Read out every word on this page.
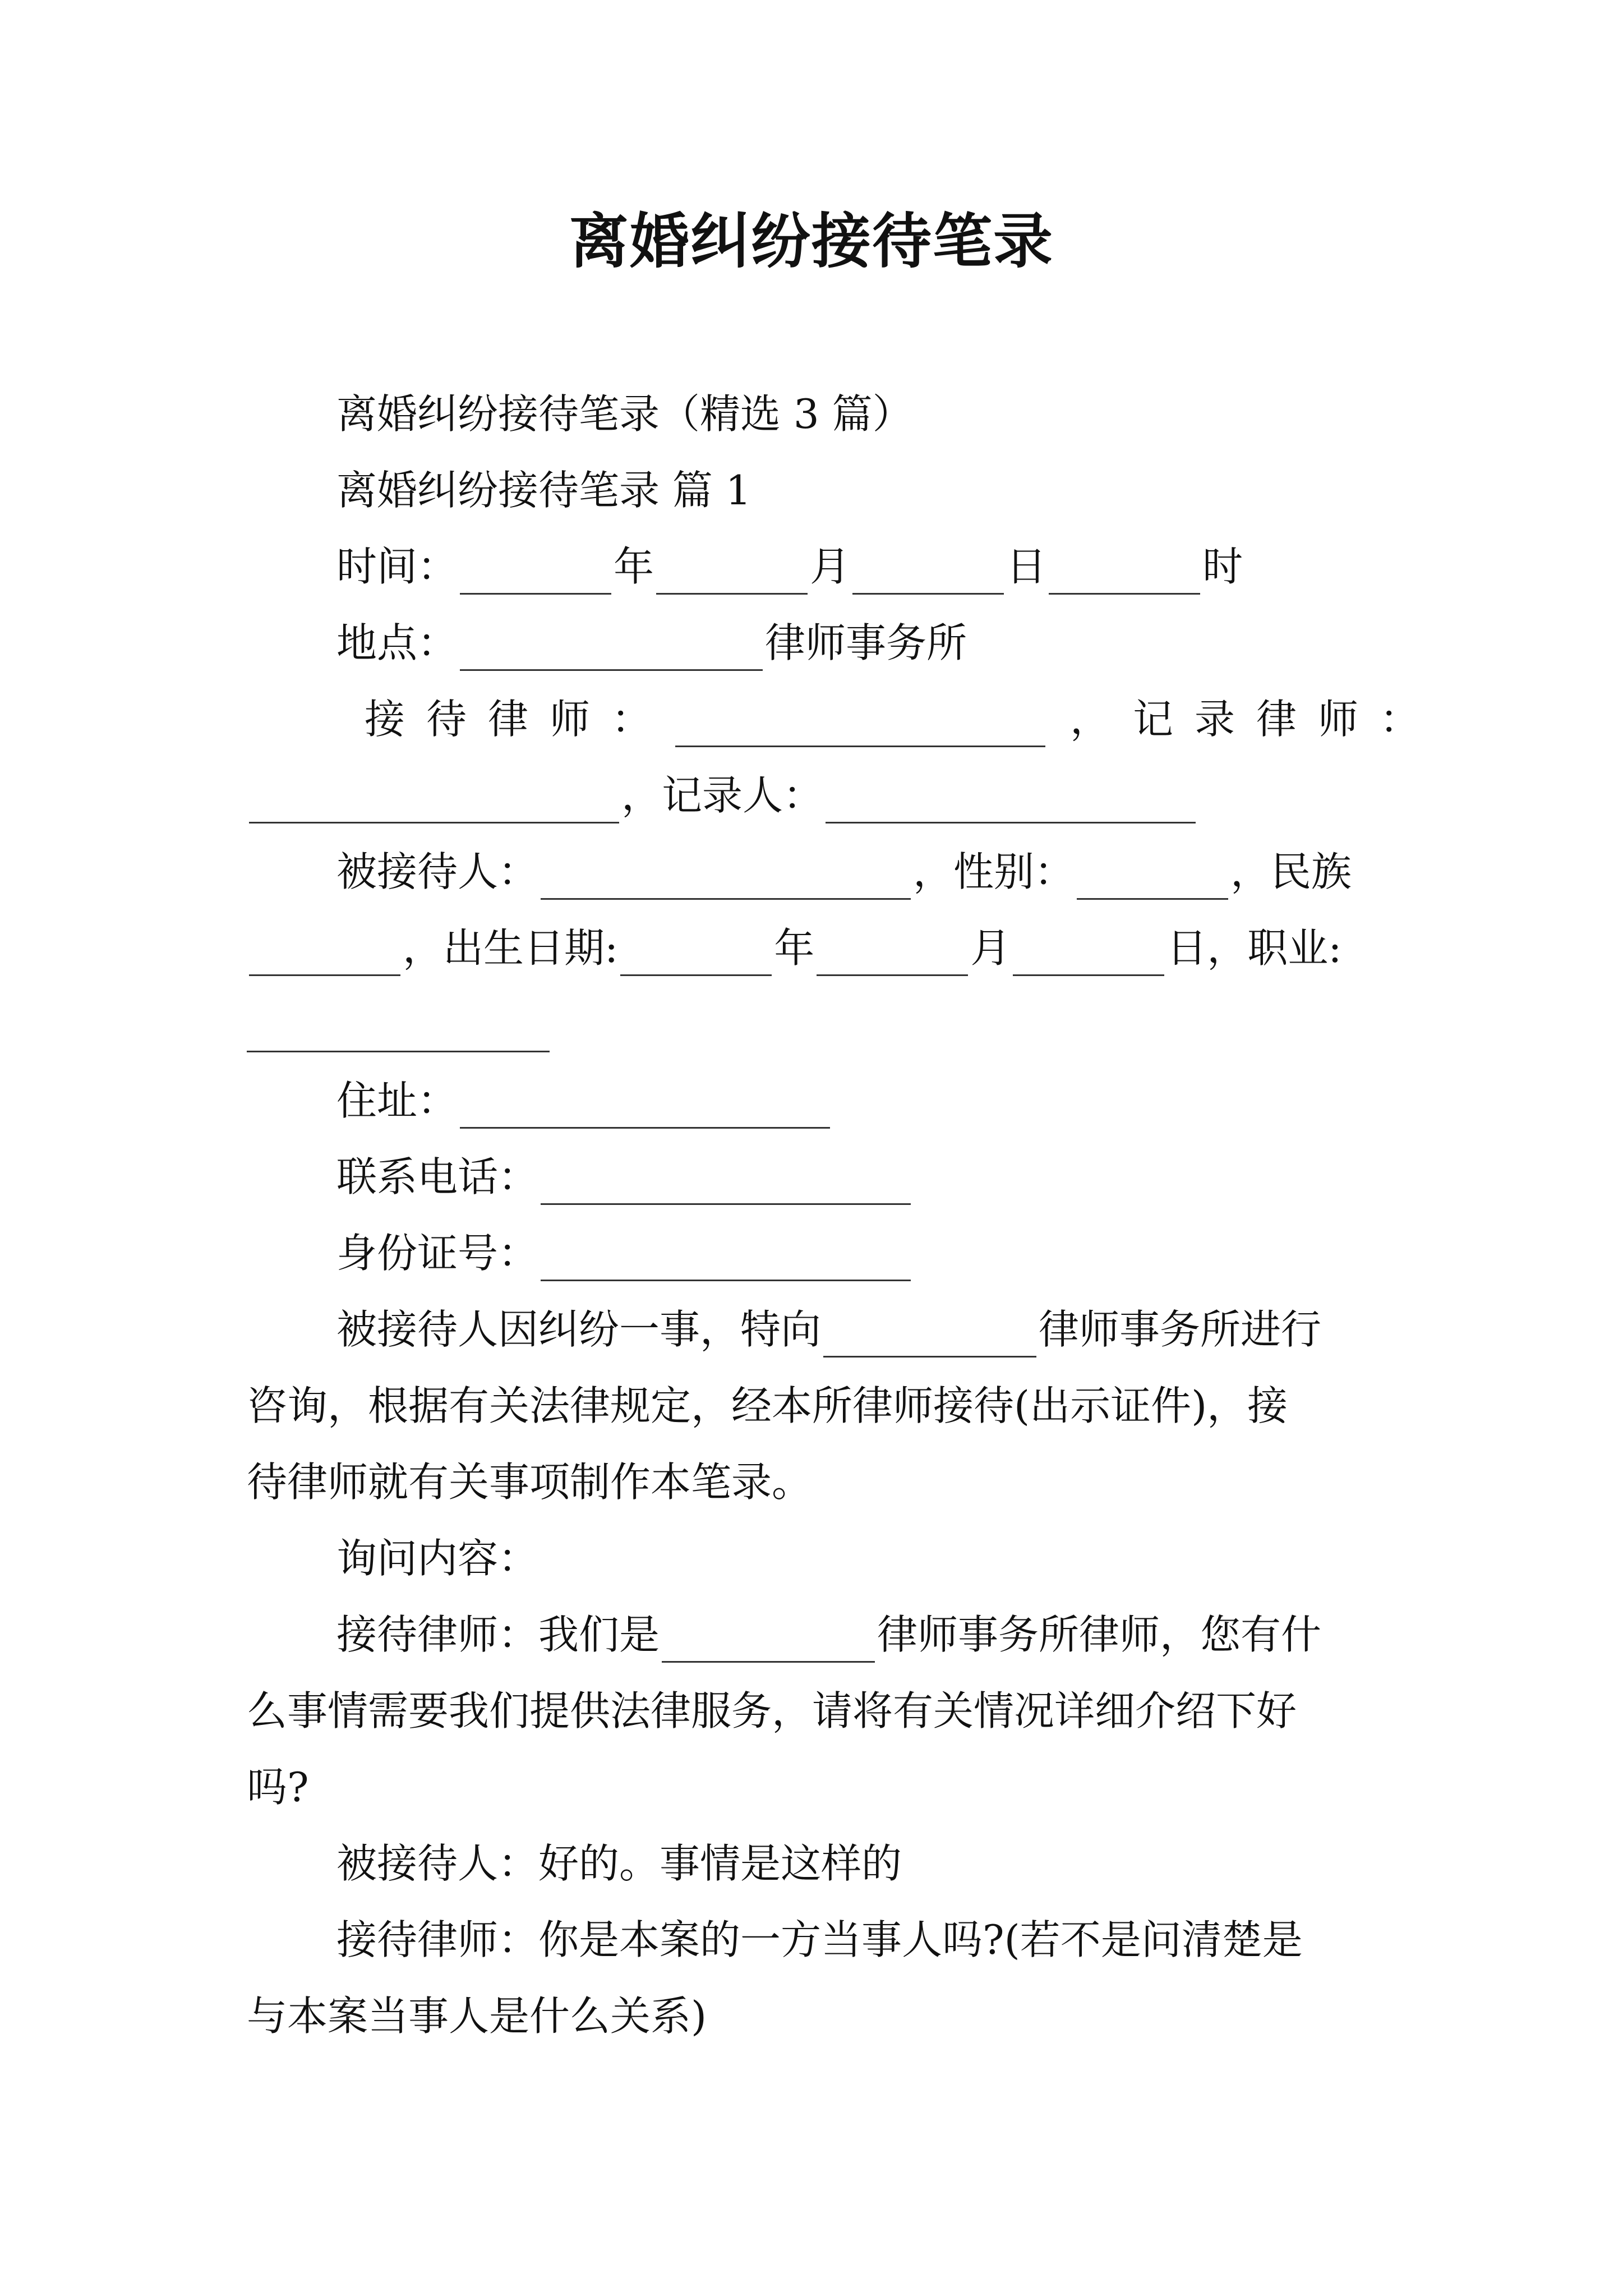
离婚纠纷接待笔录
离婚纠纷接待笔录（精选 3 篇）
离婚纠纷接待笔录 篇 1
时间：	年	月	日	时
地点：	律师事务所
接待律师：	， 记录律师：
，记录人：
被接待人：	，性别：	，民族
，出生日期:	年	月	日，职业:
住址：
联系电话：
身份证号：
被接待人因纠纷一事，特向	律师事务所进行
咨询，根据有关法律规定，经本所律师接待(出示证件)，接
待律师就有关事项制作本笔录。
询问内容：
接待律师：我们是	律师事务所律师，您有什
么事情需要我们提供法律服务，请将有关情况详细介绍下好
吗?
被接待人：好的。事情是这样的
接待律师：你是本案的一方当事人吗?(若不是问清楚是
与本案当事人是什么关系)
